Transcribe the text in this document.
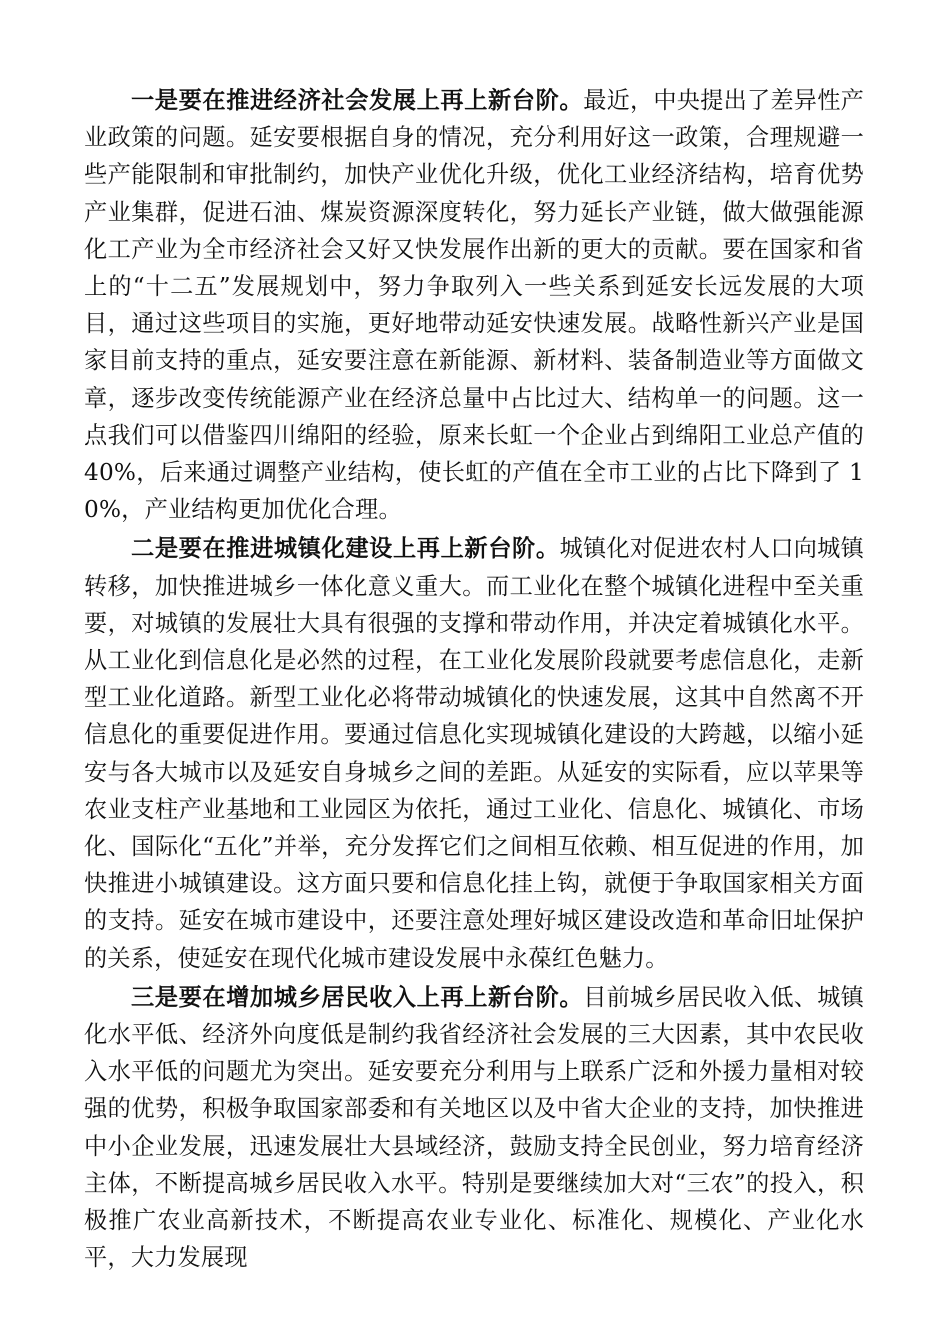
一是要在推进经济社会发展上再上新台阶。最近，中央提出了差异性产业政策的问题。延安要根据自身的情况，充分利用好这一政策，合理规避一些产能限制和审批制约，加快产业优化升级，优化工业经济结构，培育优势产业集群，促进石油、煤炭资源深度转化，努力延长产业链，做大做强能源化工产业为全市经济社会又好又快发展作出新的更大的贡献。要在国家和省上的“十二五”发展规划中，努力争取列入一些关系到延安长远发展的大项目，通过这些项目的实施，更好地带动延安快速发展。战略性新兴产业是国家目前支持的重点，延安要注意在新能源、新材料、装备制造业等方面做文章，逐步改变传统能源产业在经济总量中占比过大、结构单一的问题。这一点我们可以借鉴四川绵阳的经验，原来长虹一个企业占到绵阳工业总产值的 40%，后来通过调整产业结构，使长虹的产值在全市工业的占比下降到了 10%，产业结构更加优化合理。

二是要在推进城镇化建设上再上新台阶。城镇化对促进农村人口向城镇转移，加快推进城乡一体化意义重大。而工业化在整个城镇化进程中至关重要，对城镇的发展壮大具有很强的支撑和带动作用，并决定着城镇化水平。从工业化到信息化是必然的过程，在工业化发展阶段就要考虑信息化，走新型工业化道路。新型工业化必将带动城镇化的快速发展，这其中自然离不开信息化的重要促进作用。要通过信息化实现城镇化建设的大跨越，以缩小延安与各大城市以及延安自身城乡之间的差距。从延安的实际看，应以苹果等农业支柱产业基地和工业园区为依托，通过工业化、信息化、城镇化、市场化、国际化“五化”并举，充分发挥它们之间相互依赖、相互促进的作用，加快推进小城镇建设。这方面只要和信息化挂上钩，就便于争取国家相关方面的支持。延安在城市建设中，还要注意处理好城区建设改造和革命旧址保护的关系，使延安在现代化城市建设发展中永葆红色魅力。

三是要在增加城乡居民收入上再上新台阶。目前城乡居民收入低、城镇化水平低、经济外向度低是制约我省经济社会发展的三大因素，其中农民收入水平低的问题尤为突出。延安要充分利用与上联系广泛和外援力量相对较强的优势，积极争取国家部委和有关地区以及中省大企业的支持，加快推进中小企业发展，迅速发展壮大县域经济，鼓励支持全民创业，努力培育经济主体，不断提高城乡居民收入水平。特别是要继续加大对“三农”的投入，积极推广农业高新技术，不断提高农业专业化、标准化、规模化、产业化水平，大力发展现
